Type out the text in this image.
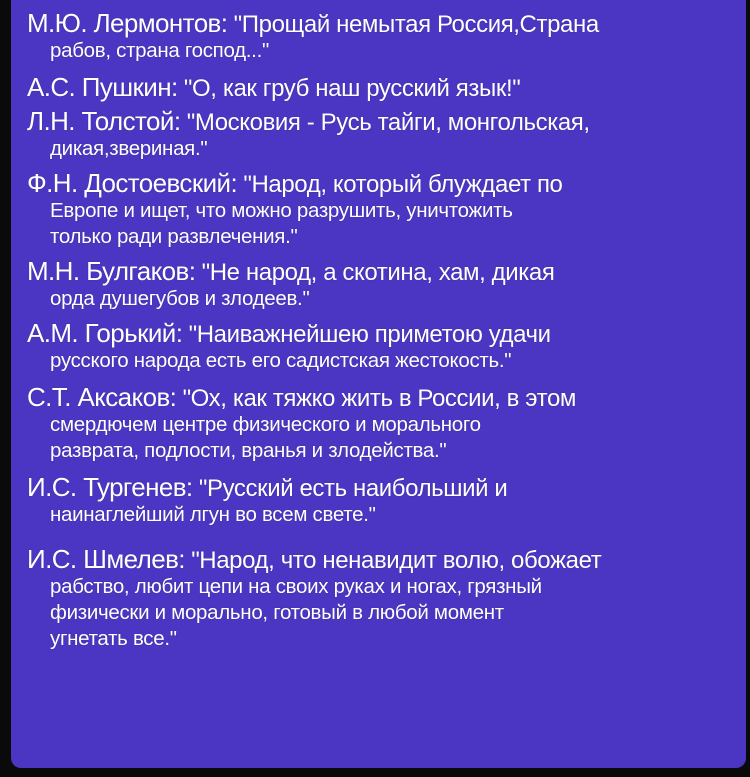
М.Ю. Лермонтов: "Прощай немытая Россия,Страна
рабов, страна господ..."
А.С. Пушкин: "О, как груб наш русский язык!"
Л.Н. Толстой: "Московия - Русь тайги, монгольская,
дикая,звериная."
Ф.Н. Достоевский: "Народ, который блуждает по
Европе и ищет, что можно разрушить, уничтожить
только ради развлечения."
М.Н. Булгаков: "Не народ, а скотина, хам, дикая
орда душегубов и злодеев."
А.М. Горький: "Наиважнейшею приметою удачи
русского народа есть его садистская жестокость."
С.Т. Аксаков: "Ох, как тяжко жить в России, в этом
смердючем центре физического и морального
разврата, подлости, вранья и злодейства."
И.С. Тургенев: "Русский есть наибольший и
наинаглейший лгун во всем свете."
И.С. Шмелев: "Народ, что ненавидит волю, обожает
рабство, любит цепи на своих руках и ногах, грязный
физически и морально, готовый в любой момент
угнетать все."
